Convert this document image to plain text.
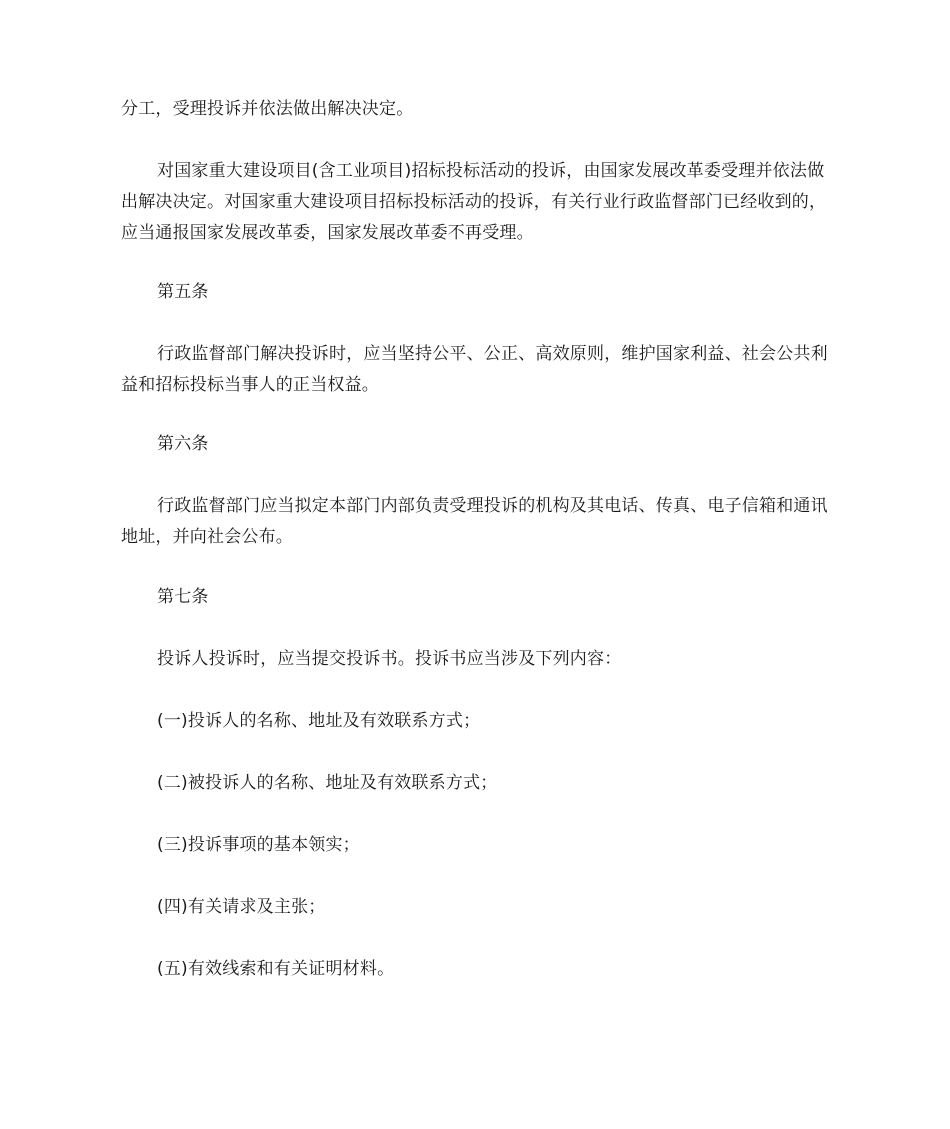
分工，受理投诉并依法做出解决决定。

对国家重大建设项目(含工业项目)招标投标活动的投诉，由国家发展改革委受理并依法做出解决决定。对国家重大建设项目招标投标活动的投诉，有关行业行政监督部门已经收到的，应当通报国家发展改革委，国家发展改革委不再受理。

第五条

行政监督部门解决投诉时，应当坚持公平、公正、高效原则，维护国家利益、社会公共利益和招标投标当事人的正当权益。

第六条

行政监督部门应当拟定本部门内部负责受理投诉的机构及其电话、传真、电子信箱和通讯地址，并向社会公布。

第七条

投诉人投诉时，应当提交投诉书。投诉书应当涉及下列内容：

(一)投诉人的名称、地址及有效联系方式；

(二)被投诉人的名称、地址及有效联系方式；

(三)投诉事项的基本领实；

(四)有关请求及主张；

(五)有效线索和有关证明材料。
